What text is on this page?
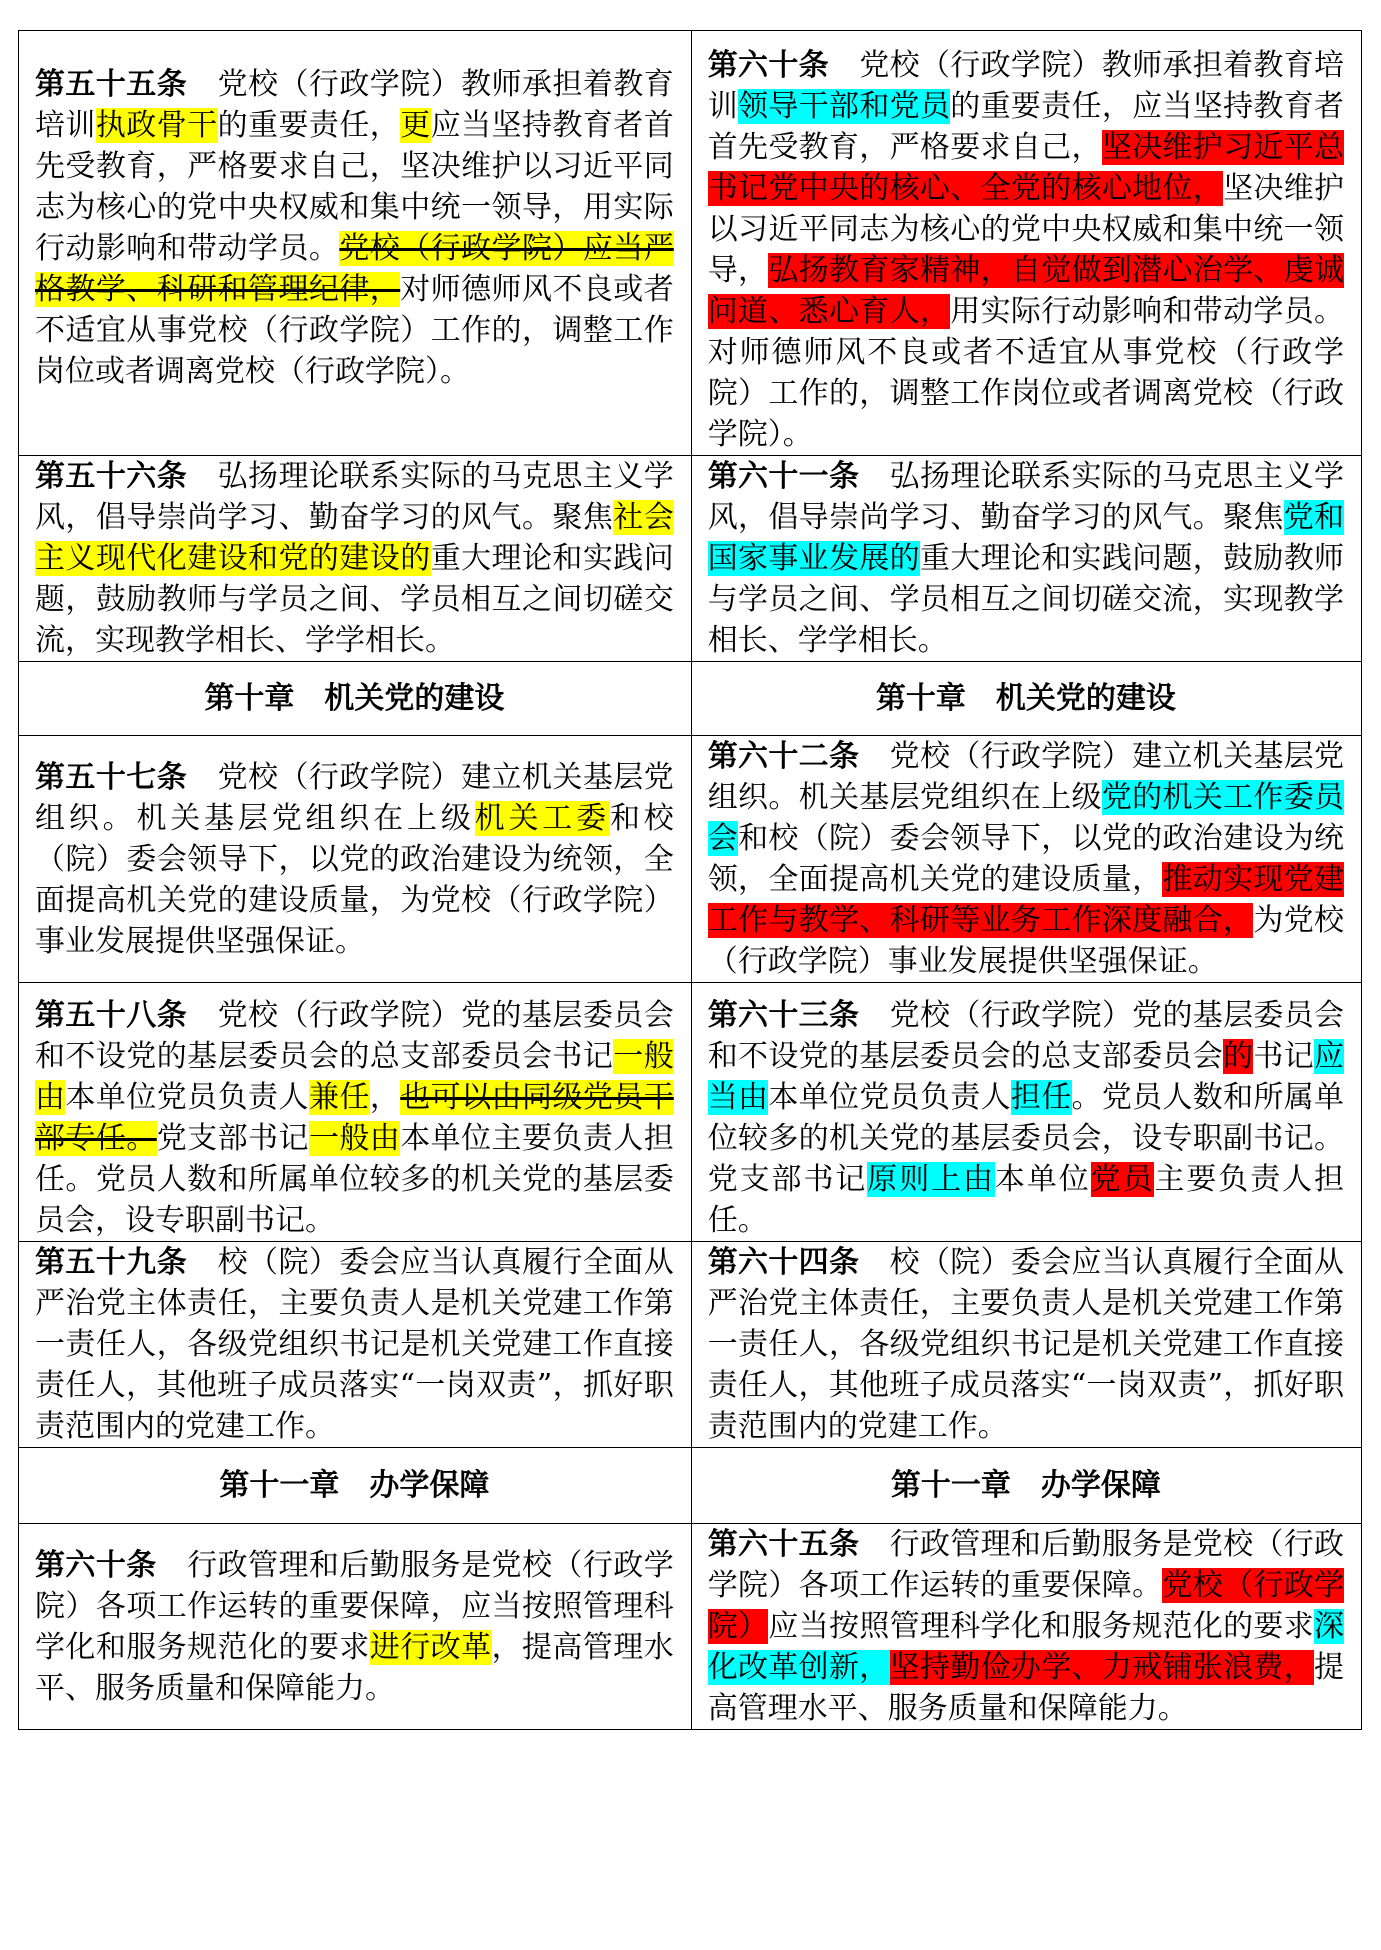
第五十五条　 党校（行政学院）教师承担着教育培训执政骨干的重要责任，更应当坚持教育者首先受教育，严格要求自己，坚决维护以习近平同志为核心的党中央权威和集中统一领导，用实际行动影响和带动学员。党校（行政学院）应当严格教学、科研和管理纪律，对师德师风不良或者不适宜从事党校（行政学院）工作的，调整工作岗位或者调离党校（行政学院）。	第六十条　 党校（行政学院）教师承担着教育培训领导干部和党员的重要责任，应当坚持教育者首先受教育，严格要求自己，坚决维护习近平总书记党中央的核心、全党的核心地位，坚决维护以习近平同志为核心的党中央权威和集中统一领导，弘扬教育家精神，自觉做到潜心治学、虔诚问道、悉心育人，用实际行动影响和带动学员。对师德师风不良或者不适宜从事党校（行政学院）工作的，调整工作岗位或者调离党校（行政学院）。
第五十六条　 弘扬理论联系实际的马克思主义学风，倡导崇尚学习、勤奋学习的风气。聚焦社会主义现代化建设和党的建设的重大理论和实践问题，鼓励教师与学员之间、学员相互之间切磋交流，实现教学相长、学学相长。	第六十一条　 弘扬理论联系实际的马克思主义学风，倡导崇尚学习、勤奋学习的风气。聚焦党和国家事业发展的重大理论和实践问题，鼓励教师与学员之间、学员相互之间切磋交流，实现教学相长、学学相长。
第十章　机关党的建设	第十章　机关党的建设
第五十七条　 党校（行政学院）建立机关基层党组织。机关基层党组织在上级机关工委和校（院）委会领导下，以党的政治建设为统领，全面提高机关党的建设质量，为党校（行政学院）事业发展提供坚强保证。	第六十二条　 党校（行政学院）建立机关基层党组织。机关基层党组织在上级党的机关工作委员会和校（院）委会领导下，以党的政治建设为统领，全面提高机关党的建设质量，推动实现党建工作与教学、科研等业务工作深度融合，为党校（行政学院）事业发展提供坚强保证。
第五十八条　 党校（行政学院）党的基层委员会和不设党的基层委员会的总支部委员会书记一般由本单位党员负责人兼任，也可以由同级党员干部专任。党支部书记一般由本单位主要负责人担任。党员人数和所属单位较多的机关党的基层委员会，设专职副书记。	第六十三条　 党校（行政学院）党的基层委员会和不设党的基层委员会的总支部委员会的书记应当由本单位党员负责人担任。党员人数和所属单位较多的机关党的基层委员会，设专职副书记。党支部书记原则上由本单位党员主要负责人担任。
第五十九条　 校（院）委会应当认真履行全面从严治党主体责任，主要负责人是机关党建工作第一责任人，各级党组织书记是机关党建工作直接责任人，其他班子成员落实“一岗双责”，抓好职责范围内的党建工作。	第六十四条　 校（院）委会应当认真履行全面从严治党主体责任，主要负责人是机关党建工作第一责任人，各级党组织书记是机关党建工作直接责任人，其他班子成员落实“一岗双责”，抓好职责范围内的党建工作。
第十一章　办学保障	第十一章　办学保障
第六十条　 行政管理和后勤服务是党校（行政学院）各项工作运转的重要保障，应当按照管理科学化和服务规范化的要求进行改革，提高管理水平、服务质量和保障能力。	第六十五条　 行政管理和后勤服务是党校（行政学院）各项工作运转的重要保障。党校（行政学院）应当按照管理科学化和服务规范化的要求深化改革创新，坚持勤俭办学、力戒铺张浪费，提高管理水平、服务质量和保障能力。
